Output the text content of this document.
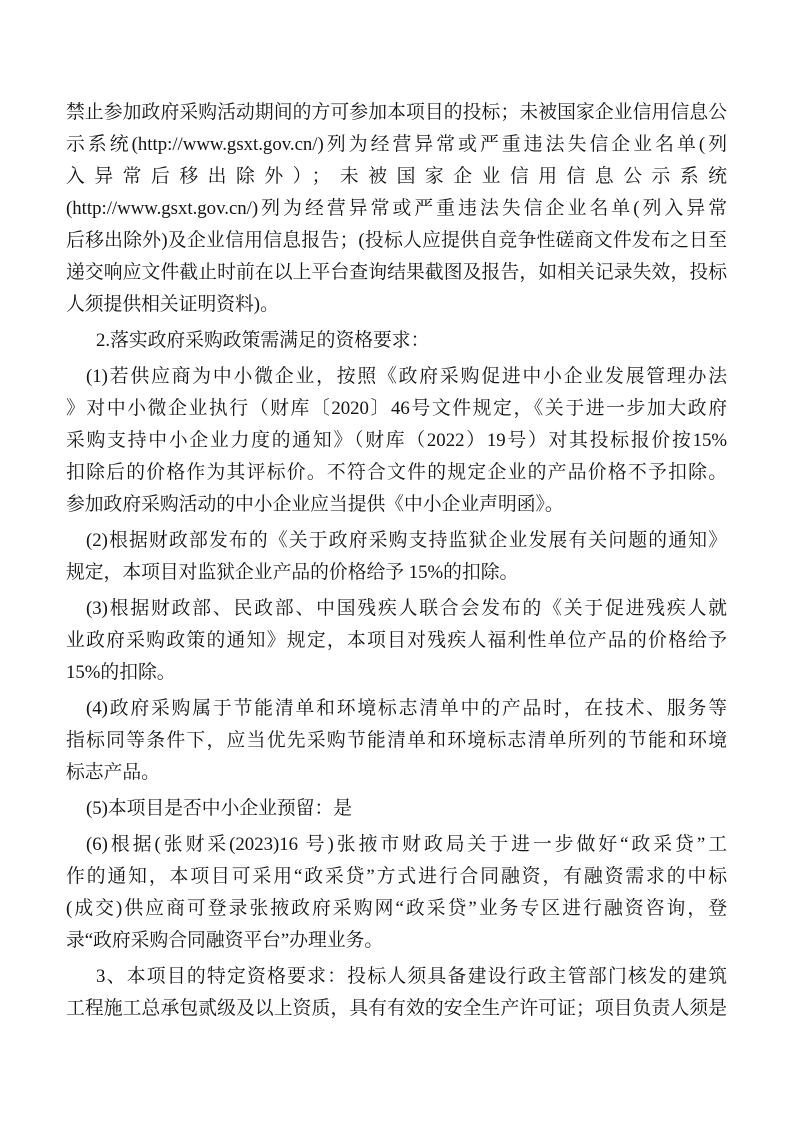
禁止参加政府采购活动期间的方可参加本项目的投标；未被国家企业信用信息公
示系统(http://www.gsxt.gov.cn/)列为经营异常或严重违法失信企业名单(列
入异常后移出除外）；未被国家企业信用信息公示系统
(http://www.gsxt.gov.cn/)列为经营异常或严重违法失信企业名单(列入异常
后移出除外)及企业信用信息报告；(投标人应提供自竞争性磋商文件发布之日至
递交响应文件截止时前在以上平台查询结果截图及报告，如相关记录失效，投标
人须提供相关证明资料)。
2.落实政府采购政策需满足的资格要求：
(1)若供应商为中小微企业，按照《政府采购促进中小企业发展管理办法
》对中小微企业执行（财库〔2020〕46号文件规定，《关于进一步加大政府
采购支持中小企业力度的通知》（财库（2022）19号）对其投标报价按15%
扣除后的价格作为其评标价。不符合文件的规定企业的产品价格不予扣除。
参加政府采购活动的中小企业应当提供《中小企业声明函》。
(2)根据财政部发布的《关于政府采购支持监狱企业发展有关问题的通知》
规定，本项目对监狱企业产品的价格给予 15%的扣除。
(3)根据财政部、民政部、中国残疾人联合会发布的《关于促进残疾人就
业政府采购政策的通知》规定，本项目对残疾人福利性单位产品的价格给予
15%的扣除。
(4)政府采购属于节能清单和环境标志清单中的产品时，在技术、服务等
指标同等条件下，应当优先采购节能清单和环境标志清单所列的节能和环境
标志产品。
(5)本项目是否中小企业预留：是
(6)根据(张财采(2023)16 号)张掖市财政局关于进一步做好“政采贷”工
作的通知，本项目可采用“政采贷”方式进行合同融资，有融资需求的中标
(成交)供应商可登录张掖政府采购网“政采贷”业务专区进行融资咨询，登
录“政府采购合同融资平台”办理业务。
3、本项目的特定资格要求：投标人须具备建设行政主管部门核发的建筑
工程施工总承包贰级及以上资质，具有有效的安全生产许可证；项目负责人须是
